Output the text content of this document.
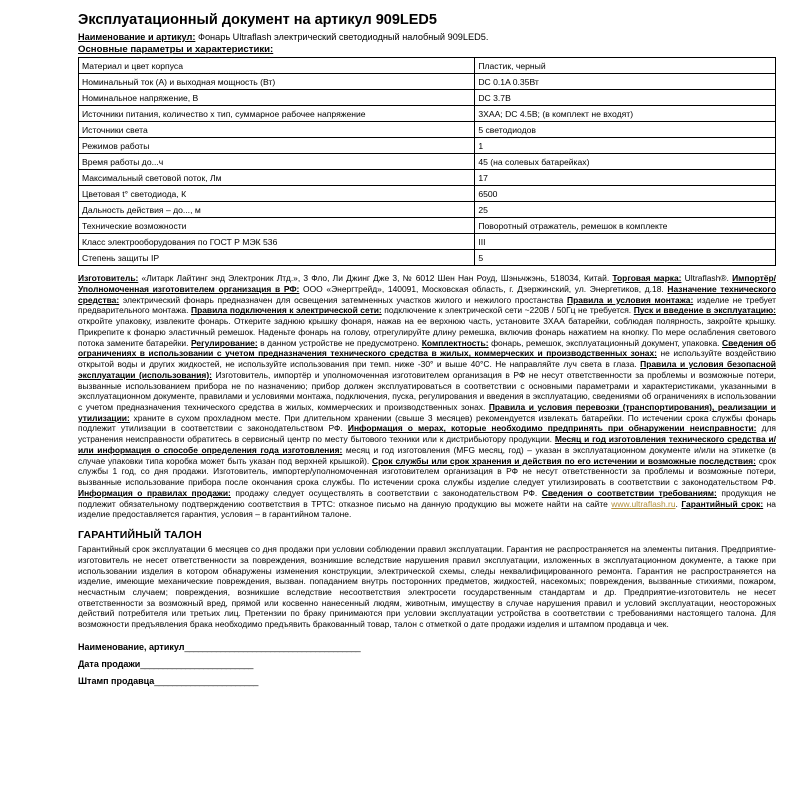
Эксплуатационный документ на артикул 909LED5
Наименование и артикул: Фонарь Ultraflash электрический светодиодный налобный 909LED5.
Основные параметры и характеристики:
Материал и цвет корпуса	Пластик, черный
Номинальный ток (А) и выходная мощность (Вт)	DC 0.1A 0.35Вт
Номинальное напряжение, В	DC 3.7B
Источники питания, количество х тип, суммарное рабочее напряжение	3ХАА; DC 4.5В; (в комплект не входят)
Источники света	5 светодиодов
Режимов работы	1
Время работы до...ч	45 (на солевых батарейках)
Максимальный световой поток, Лм	17
Цветовая t° светодиода, К	6500
Дальность действия – до..., м	25
Технические возможности	Поворотный отражатель, ремешок в комплекте
Класс электрооборудования по ГОСТ Р МЭК 536	III
Степень защиты IP	5
Изготовитель: «Литарк Лайтинг энд Электроник Лтд.», 3 Фло, Ли Джинг Дже 3, № 6012 Шен Нан Роуд, Шэньчжэнь, 518034, Китай. Торговая марка: Ultraflash®. Импортёр/Уполномоченная изготовителем организация в РФ: ООО «Энергтрейд», 140091, Московская область, г. Дзержинский, ул. Энергетиков, д.18. Назначение технического средства: электрический фонарь предназначен для освещения затемненных участков жилого и нежилого простанства Правила и условия монтажа: изделие не требует предварительного монтажа. Правила подключения к электрической сети: подключение к электрической сети ~220В / 50Гц не требуется. Пуск и введение в эксплуатацию: откройте упаковку, извлеките фонарь. Откерите заднюю крышку фонаря, нажав на ее верхнюю часть, установите 3ХАА батарейки, соблюдая полярность, закройте крышку. Прикрепите к фонарю эластичный ремешок. Наденьте фонарь на голову, отрегулируйте длину ремешка, включив фонарь нажатием на кнопку. По мере ослабления светового потока замените батарейки. Регулирование: в данном устройстве не предусмотрено. Комплектность: фонарь, ремешок, эксплуатационный документ, упаковка. Сведения об ограничениях в использовании с учетом предназначения технического средства в жилых, коммерческих и производственных зонах: не используйте воздействию открытой воды и других жидкостей, не используйте использования при темп. ниже -30° и выше 40°С. Не направляйте луч света в глаза. Правила и условия безопасной эксплуатации (использования): Изготовитель, импортёр и уполномоченная изготовителем организация в РФ не несут ответственности за проблемы и возможные потери, вызванные использованием прибора не по назначению; прибор должен эксплуатироваться в соответствии с основными параметрами и характеристиками, указанными в эксплуатационном документе, правилами и условиями монтажа, подключения, пуска, регулирования и введения в эксплуатацию, сведениями об ограничениях в использовании с учетом предназначения технического средства в жилых, коммерческих и производственных зонах. Правила и условия перевозки (транспортирования), реализации и утилизации: храните в сухом прохладном месте. При длительном хранении (свыше 3 месяцев) рекомендуется извлекать батарейки. По истечении срока службы фонарь подлежит утилизации в соответствии с законодательством РФ. Информация о мерах, которые необходимо предпринять при обнаружении неисправности: для устранения неисправности обратитесь в сервисный центр по месту бытового техники или к дистрибьютору продукции. Месяц и год изготовления технического средства и/или информация о способе определения года изготовления: месяц и год изготовления (MFG месяц, год) – указан в эксплуатационном документе и/или на этикетке (в случае упаковки типа коробка может быть указан под верхней крышкой). Срок службы или срок хранения и действия по его истечении и возможные последствия: срок службы 1 год, со дня продажи. Изготовитель, импортер/уполномоченная изготовителем организация в РФ не несут ответственности за проблемы и возможные потери, вызванные использование прибора после окончания срока службы. По истечении срока службы изделие следует утилизировать в соответствии с законодательством РФ. Информация о правилах продажи: продажу следует осуществлять в соответствии с законодательством РФ. Сведения о соответствии требованиям: продукция не подлежит обязательному подтверждению соответствия в ТРТС: отказное письмо на данную продукцию вы можете найти на сайте www.ultraflash.ru. Гарантийный срок: на изделие предоставляется гарантия, условия – в гарантийном талоне.
ГАРАНТИЙНЫЙ ТАЛОН
Гарантийный срок эксплуатации 6 месяцев со дня продажи при условии соблюдении правил эксплуатации. Гарантия не распространяется на элементы питания. Предприятие-изготовитель не несет ответственности за повреждения, возникшие вследствие нарушения правил эксплуатации, изложенных в эксплуатационном документе, а также при использовании изделия в котором обнаружены изменения конструкции, электрической схемы, следы неквалифицированного ремонта. Гарантия не распространяется на изделие, имеющие механические повреждения, вызван. попаданием внутрь посторонних предметов, жидкостей, насекомых; повреждения, вызванные стихиями, пожаром, несчастным случаем; повреждения, возникшие вследствие несоответствия электросети государственным стандартам и др. Предприятие-изготовитель не несет ответственности за возможный вред, прямой или косвенно нанесенный людям, животным, имуществу в случае нарушения правил и условий эксплуатации, неосторожных действий потребителя или третьих лиц. Претензии по браку принимаются при условии эксплуатации устройства в соответствии с требованиями настоящего талона. Для возможности предъявления брака необходимо предъявить бракованный товар, талон с отметкой о дате продажи изделия и штампом продавца и чек.
Наименование, артикул_______________________________________
Дата продажи_________________________
Штамп продавца_______________________
